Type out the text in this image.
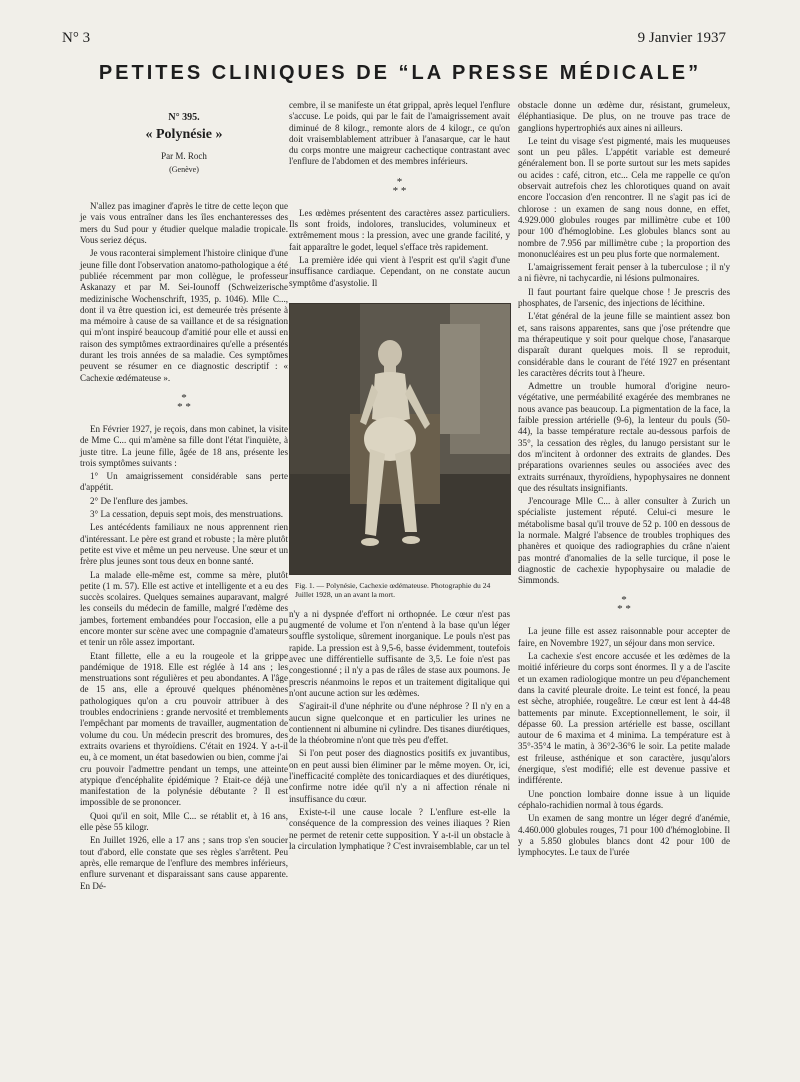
N° 3	9 Janvier 1937
PETITES CLINIQUES DE “LA PRESSE MÉDICALE”
N° 395.
« Polynésie »
Par M. Roch
(Genève)

N'allez pas imaginer d'après le titre de cette leçon que je vais vous entraîner dans les îles enchanteresses des mers du Sud pour y étudier quelque maladie tropicale. Vous seriez déçus.

Je vous raconterai simplement l'histoire clinique d'une jeune fille dont l'observation anatomo-pathologique a été publiée récemment par mon collègue, le professeur Askanazy et par M. Sei-Iounoff (Schweizerische medizinische Wochenschrift, 1935, p. 1046). Mlle C..., dont il va être question ici, est demeurée très présente à ma mémoire à cause de sa vaillance et de sa résignation qui m'ont inspiré beaucoup d'amitié pour elle et aussi en raison des symptômes extraordinaires qu'elle a présentés durant les trois années de sa maladie. Ces symptômes peuvent se résumer en ce diagnostic descriptif : « Cachexie œdémateuse ».

*
* *

En Février 1927, je reçois, dans mon cabinet, la visite de Mme C... qui m'amène sa fille dont l'état l'inquiète, à juste titre. La jeune fille, âgée de 18 ans, présente les trois symptômes suivants :

1° Un amaigrissement considérable sans perte d'appétit.

2° De l'enflure des jambes.

3° La cessation, depuis sept mois, des menstruations.

Les antécédents familiaux ne nous apprennent rien d'intéressant. Le père est grand et robuste ; la mère plutôt petite est vive et même un peu nerveuse. Une sœur et un frère plus jeunes sont tous deux en bonne santé.

La malade elle-même est, comme sa mère, plutôt petite (1 m. 57). Elle est active et intelligente et a eu des succès scolaires. Quelques semaines auparavant, malgré les conseils du médecin de famille, malgré l'œdème des jambes, fortement embandées pour l'occasion, elle a pu encore monter sur scène avec une compagnie d'amateurs et tenir un rôle assez important.

Etant fillette, elle a eu la rougeole et la grippe pandémique de 1918. Elle est réglée à 14 ans ; les menstruations sont régulières et peu abondantes. A l'âge de 15 ans, elle a éprouvé quelques phénomènes pathologiques qu'on a cru pouvoir attribuer à des troubles endocriniens : grande nervosité et tremblements l'empêchant par moments de travailler, augmentation de volume du cou. Un médecin prescrit des bromures, des extraits ovariens et thyroïdiens. C'était en 1924. Y a-t-il eu, à ce moment, un état basedowien ou bien, comme j'ai cru pouvoir l'admettre pendant un temps, une atteinte atypique d'encéphalite épidémique ? Etait-ce déjà une manifestation de la polynésie débutante ? Il est impossible de se prononcer.

Quoi qu'il en soit, Mlle C... se rétablit et, à 16 ans, elle pèse 55 kilogr.

En Juillet 1926, elle a 17 ans ; sans trop s'en soucier tout d'abord, elle constate que ses règles s'arrêtent. Peu après, elle remarque de l'enflure des membres inférieurs, enflure survenant et disparaissant sans cause apparente. En Dé-

cembre, il se manifeste un état grippal, après lequel l'enflure s'accuse. Le poids, qui par le fait de l'amaigrissement avait diminué de 8 kilogr., remonte alors de 4 kilogr., ce qu'on doit vraisemblablement attribuer à l'anasarque, car le haut du corps montre une maigreur cachectique contrastant avec l'enflure de l'abdomen et des membres inférieurs.

*
* *

Les œdèmes présentent des caractères assez particuliers. Ils sont froids, indolores, translucides, volumineux et extrêmement mous : la pression, avec une grande facilité, y fait apparaître le godet, lequel s'efface très rapidement.

La première idée qui vient à l'esprit est qu'il s'agit d'une insuffisance cardiaque. Cependant, on ne constate aucun symptôme d'asystolie. Il

Fig. 1. — Polynésie, Cachexie œdémateuse. Photographie du 24 Juillet 1928, un an avant la mort.

n'y a ni dyspnée d'effort ni orthopnée. Le cœur n'est pas augmenté de volume et l'on n'entend à la base qu'un léger souffle systolique, sûrement inorganique. Le pouls n'est pas rapide. La pression est à 9,5-6, basse évidemment, toutefois avec une différentielle suffisante de 3,5. Le foie n'est pas congestionné ; il n'y a pas de râles de stase aux poumons. Je prescris néanmoins le repos et un traitement digitalique qui n'ont aucune action sur les œdèmes.

S'agirait-il d'une néphrite ou d'une néphrose ? Il n'y en a aucun signe quelconque et en particulier les urines ne contiennent ni albumine ni cylindre. Des tisanes diurétiques, de la théobromine n'ont que très peu d'effet.

Si l'on peut poser des diagnostics positifs ex juvantibus, on en peut aussi bien éliminer par le même moyen. Or, ici, l'inefficacité complète des tonicardiaques et des diurétiques, confirme notre idée qu'il n'y a ni affection rénale ni insuffisance du cœur.

Existe-t-il une cause locale ? L'enflure est-elle la conséquence de la compression des veines iliaques ? Rien ne permet de retenir cette supposition. Y a-t-il un obstacle à la circulation lymphatique ? C'est invraisemblable, car un tel

obstacle donne un œdème dur, résistant, grumeleux, éléphantiasique. De plus, on ne trouve pas trace de ganglions hypertrophiés aux aines ni ailleurs.

Le teint du visage s'est pigmenté, mais les muqueuses sont un peu pâles. L'appétit variable est demeuré généralement bon. Il se porte surtout sur les mets sapides ou acides : café, citron, etc... Cela me rappelle ce qu'on observait autrefois chez les chlorotiques quand on avait encore l'occasion d'en rencontrer. Il ne s'agit pas ici de chlorose : un examen de sang nous donne, en effet, 4.929.000 globules rouges par millimètre cube et 100 pour 100 d'hémoglobine. Les globules blancs sont au nombre de 7.956 par millimètre cube ; la proportion des mononucléaires est un peu plus forte que normalement.

L'amaigrissement ferait penser à la tuberculose ; il n'y a ni fièvre, ni tachycardie, ni lésions pulmonaires.

Il faut pourtant faire quelque chose ! Je prescris des phosphates, de l'arsenic, des injections de lécithine.

L'état général de la jeune fille se maintient assez bon et, sans raisons apparentes, sans que j'ose prétendre que ma thérapeutique y soit pour quelque chose, l'anasarque disparaît durant quelques mois. Il se reproduit, considérable dans le courant de l'été 1927 en présentant les caractères décrits tout à l'heure.

Admettre un trouble humoral d'origine neuro-végétative, une perméabilité exagérée des membranes ne nous avance pas beaucoup. La pigmentation de la face, la faible pression artérielle (9-6), la lenteur du pouls (50-44), la basse température rectale au-dessous parfois de 35°, la cessation des règles, du lanugo persistant sur le dos m'incitent à ordonner des extraits de glandes. Des préparations ovariennes seules ou associées avec des extraits surrénaux, thyroïdiens, hypophysaires ne donnent que des résultats insignifiants.

J'encourage Mlle C... à aller consulter à Zurich un spécialiste justement réputé. Celui-ci mesure le métabolisme basal qu'il trouve de 52 p. 100 en dessous de la normale. Malgré l'absence de troubles trophiques des phanères et quoique des radiographies du crâne n'aient pas montré d'anomalies de la selle turcique, il pose le diagnostic de cachexie hypophysaire ou maladie de Simmonds.

*
* *

La jeune fille est assez raisonnable pour accepter de faire, en Novembre 1927, un séjour dans mon service.

La cachexie s'est encore accusée et les œdèmes de la moitié inférieure du corps sont énormes. Il y a de l'ascite et un examen radiologique montre un peu d'épanchement dans la cavité pleurale droite. Le teint est foncé, la peau est sèche, atrophiée, rougeâtre. Le cœur est lent à 44-48 battements par minute. Exceptionnellement, le soir, il dépasse 60. La pression artérielle est basse, oscillant autour de 6 maxima et 4 minima. La température est à 35°-35°4 le matin, à 36°2-36°6 le soir. La petite malade est frileuse, asthénique et son caractère, jusqu'alors énergique, s'est modifié; elle est devenue passive et indifférente.

Une ponction lombaire donne issue à un liquide céphalo-rachidien normal à tous égards.

Un examen de sang montre un léger degré d'anémie, 4.460.000 globules rouges, 71 pour 100 d'hémoglobine. Il y a 5.850 globules blancs dont 42 pour 100 de lymphocytes. Le taux de l'urée
